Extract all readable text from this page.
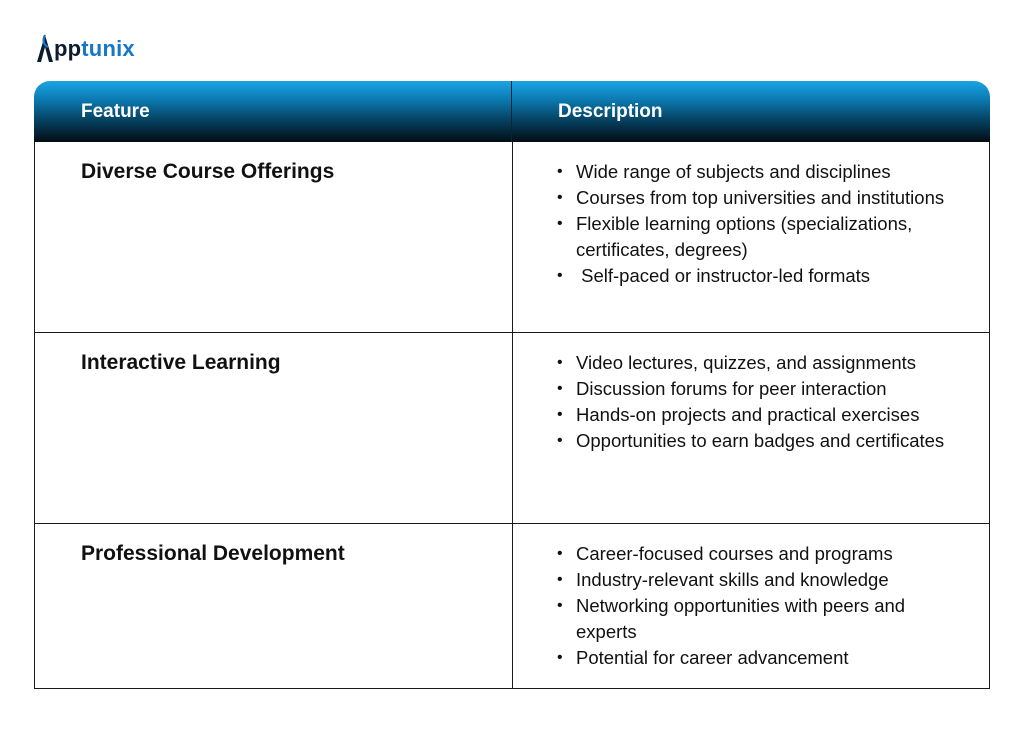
pptunix
Feature	Description
Diverse Course Offerings	• Wide range of subjects and disciplines
• Courses from top universities and institutions
• Flexible learning options (specializations, certificates, degrees)
• Self-paced or instructor-led formats
Interactive Learning	• Video lectures, quizzes, and assignments
• Discussion forums for peer interaction
• Hands-on projects and practical exercises
• Opportunities to earn badges and certificates
Professional Development	• Career-focused courses and programs
• Industry-relevant skills and knowledge
• Networking opportunities with peers and experts
• Potential for career advancement
